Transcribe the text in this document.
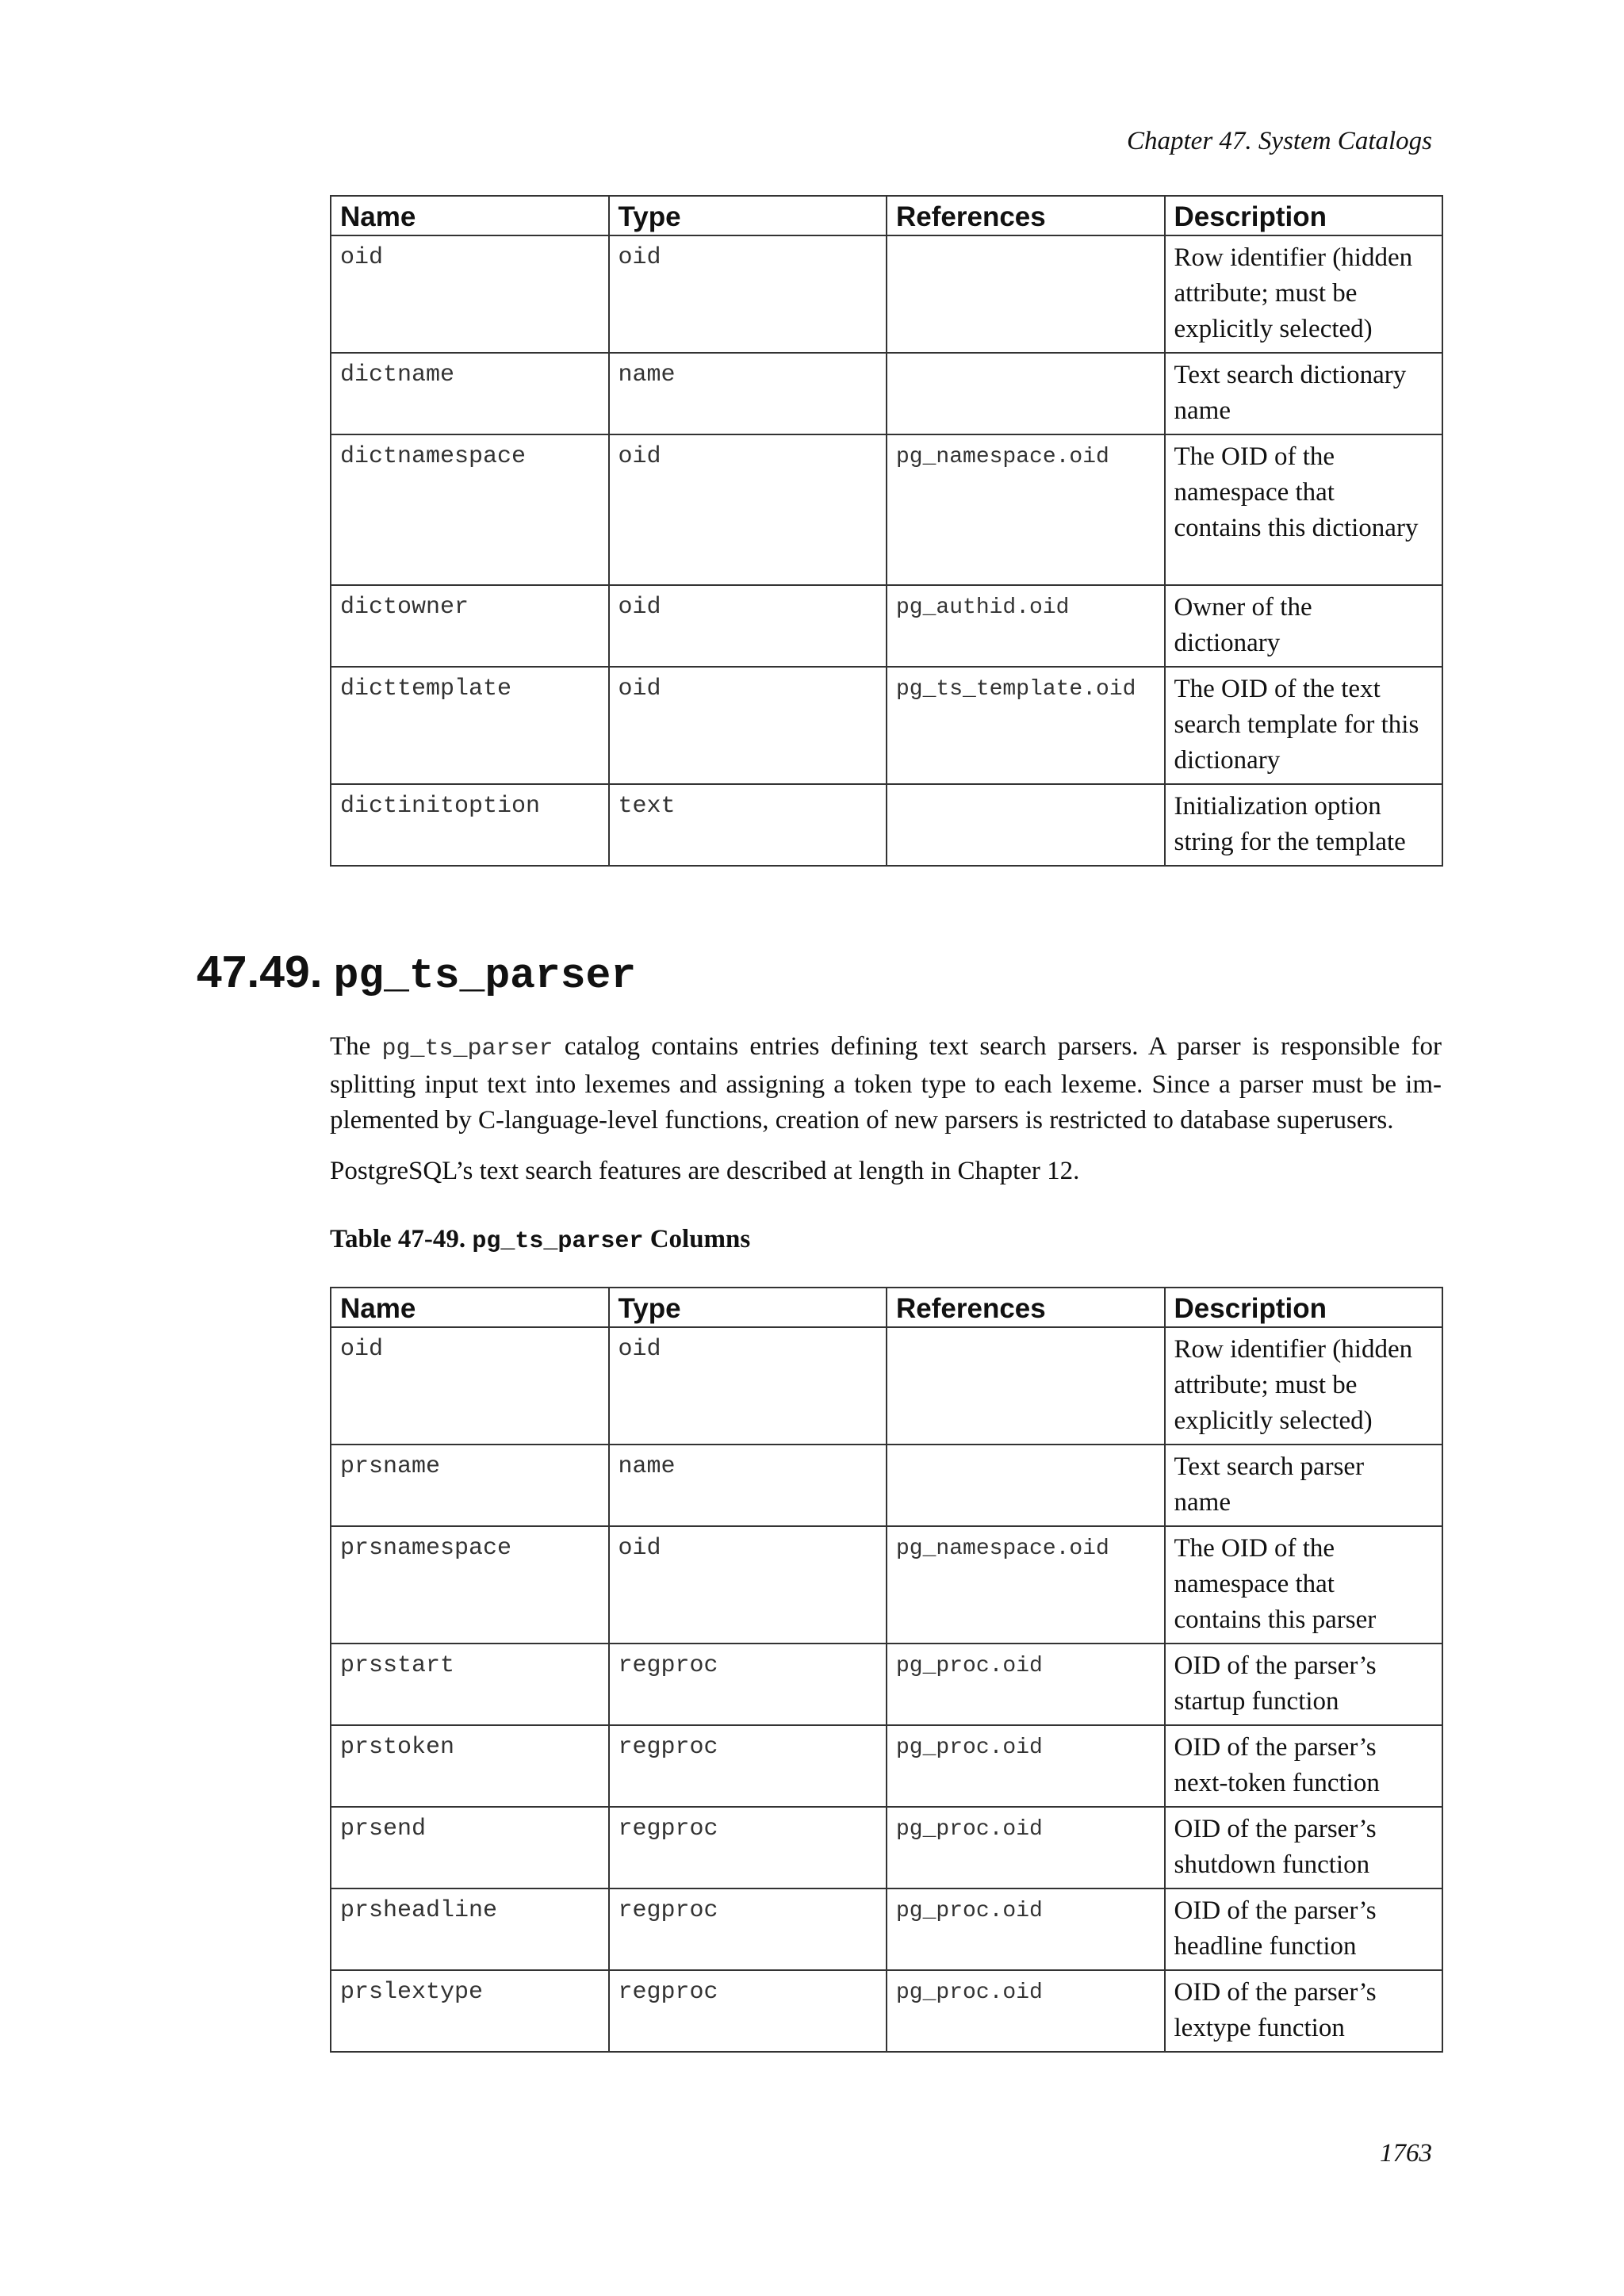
Chapter 47. System Catalogs
Name	Type	References	Description
oid	oid		Row identifier (hidden
attribute; must be
explicitly selected)

dictname	name		Text search dictionary
name

dictnamespace	oid	pg_namespace.oid	The OID of the
namespace that
contains this dictionary

dictowner	oid	pg_authid.oid	Owner of the
dictionary

dicttemplate	oid	pg_ts_template.oid	The OID of the text
search template for this
dictionary

dictinitoption	text		Initialization option
string for the template
47.49. pg_ts_parser

The pg_ts_parser catalog contains entries defining text search parsers. A parser is responsible for
splitting input text into lexemes and assigning a token type to each lexeme. Since a parser must be im-
plemented by C-language-level functions, creation of new parsers is restricted to database superusers.

PostgreSQL’s text search features are described at length in Chapter 12.

Table 47-49. pg_ts_parser Columns
Name	Type	References	Description
oid	oid		Row identifier (hidden
attribute; must be
explicitly selected)

prsname	name		Text search parser
name

prsnamespace	oid	pg_namespace.oid	The OID of the
namespace that
contains this parser

prsstart	regproc	pg_proc.oid	OID of the parser’s
startup function

prstoken	regproc	pg_proc.oid	OID of the parser’s
next-token function

prsend	regproc	pg_proc.oid	OID of the parser’s
shutdown function

prsheadline	regproc	pg_proc.oid	OID of the parser’s
headline function

prslextype	regproc	pg_proc.oid	OID of the parser’s
lextype function
1763
